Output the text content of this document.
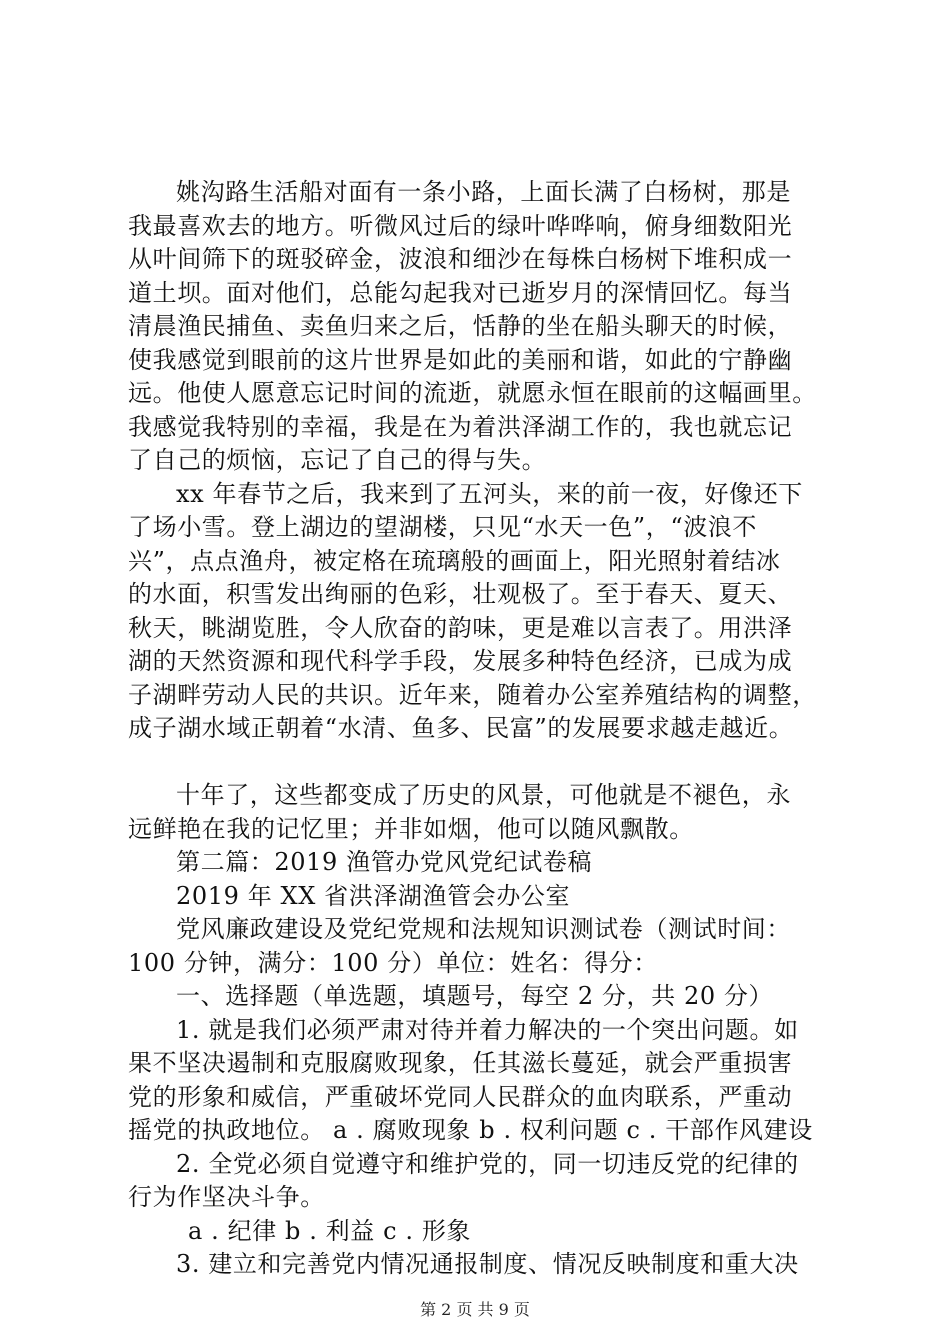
姚沟路生活船对面有一条小路，上面长满了白杨树，那是
我最喜欢去的地方。听微风过后的绿叶哗哗响，俯身细数阳光
从叶间筛下的斑驳碎金，波浪和细沙在每株白杨树下堆积成一
道土坝。面对他们，总能勾起我对已逝岁月的深情回忆。每当
清晨渔民捕鱼、卖鱼归来之后，恬静的坐在船头聊天的时候，
使我感觉到眼前的这片世界是如此的美丽和谐，如此的宁静幽
远。他使人愿意忘记时间的流逝，就愿永恒在眼前的这幅画里。
我感觉我特别的幸福，我是在为着洪泽湖工作的，我也就忘记
了自己的烦恼，忘记了自己的得与失。
xx 年春节之后，我来到了五河头，来的前一夜，好像还下
了场小雪。登上湖边的望湖楼，只见“水天一色”，“波浪不
兴”，点点渔舟，被定格在琉璃般的画面上，阳光照射着结冰
的水面，积雪发出绚丽的色彩，壮观极了。至于春天、夏天、
秋天，眺湖览胜，令人欣奋的韵味，更是难以言表了。用洪泽
湖的天然资源和现代科学手段，发展多种特色经济，已成为成
子湖畔劳动人民的共识。近年来，随着办公室养殖结构的调整，
成子湖水域正朝着“水清、鱼多、民富”的发展要求越走越近。
十年了，这些都变成了历史的风景，可他就是不褪色，永
远鲜艳在我的记忆里；并非如烟，他可以随风飘散。
第二篇：2019 渔管办党风党纪试卷稿
2019 年 XX 省洪泽湖渔管会办公室
党风廉政建设及党纪党规和法规知识测试卷（测试时间：
100 分钟，满分：100 分）单位：姓名：得分：
一、选择题（单选题，填题号，每空 2 分，共 20 分）
1. 就是我们必须严肃对待并着力解决的一个突出问题。如
果不坚决遏制和克服腐败现象，任其滋长蔓延，就会严重损害
党的形象和威信，严重破坏党同人民群众的血肉联系，严重动
摇党的执政地位。 a . 腐败现象 b . 权利问题 c . 干部作风建设
2. 全党必须自觉遵守和维护党的，同一切违反党的纪律的
行为作坚决斗争。
a . 纪律 b . 利益 c . 形象
3. 建立和完善党内情况通报制度、情况反映制度和重大决
第 2 页 共 9 页
